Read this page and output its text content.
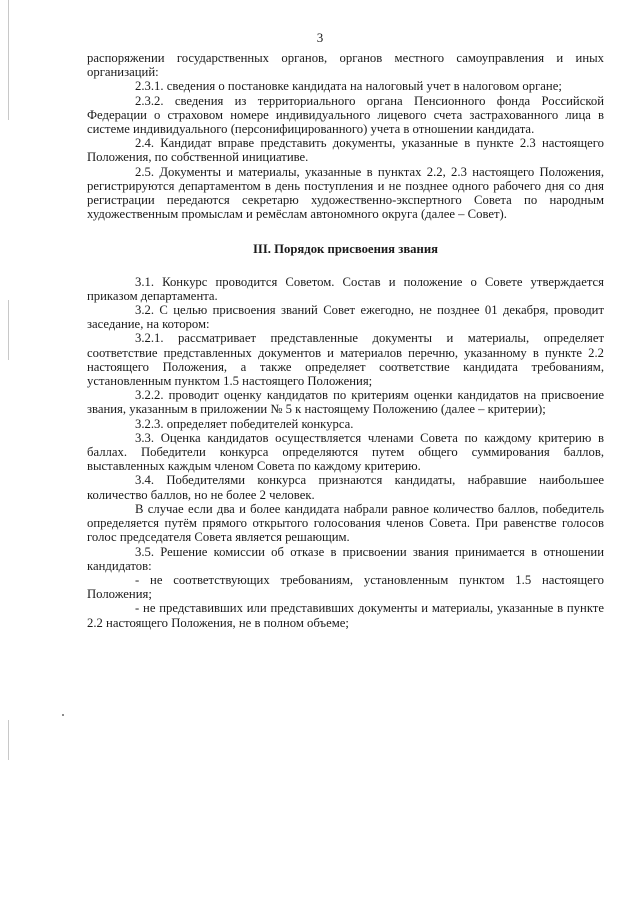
3

распоряжении государственных органов, органов местного самоуправления и иных организаций:

2.3.1. сведения о постановке кандидата на налоговый учет в налоговом органе;

2.3.2. сведения из территориального органа Пенсионного фонда Российской Федерации о страховом номере индивидуального лицевого счета застрахованного лица в системе индивидуального (персонифицированного) учета в отношении кандидата.

2.4. Кандидат вправе представить документы, указанные в пункте 2.3 настоящего Положения, по собственной инициативе.

2.5. Документы и материалы, указанные в пунктах 2.2, 2.3 настоящего Положения, регистрируются департаментом в день поступления и не позднее одного рабочего дня со дня регистрации передаются секретарю художественно-экспертного Совета по народным художественным промыслам и ремёслам автономного округа (далее – Совет).

III. Порядок присвоения звания

3.1. Конкурс проводится Советом. Состав и положение о Совете утверждается приказом департамента.

3.2. С целью присвоения званий Совет ежегодно, не позднее 01 декабря, проводит заседание, на котором:

3.2.1. рассматривает представленные документы и материалы, определяет соответствие представленных документов и материалов перечню, указанному в пункте 2.2 настоящего Положения, а также определяет соответствие кандидата требованиям, установленным пунктом 1.5 настоящего Положения;

3.2.2. проводит оценку кандидатов по критериям оценки кандидатов на присвоение звания, указанным в приложении № 5 к настоящему Положению (далее – критерии);

3.2.3. определяет победителей конкурса.

3.3. Оценка кандидатов осуществляется членами Совета по каждому критерию в баллах. Победители конкурса определяются путем общего суммирования баллов, выставленных каждым членом Совета по каждому критерию.

3.4. Победителями конкурса признаются кандидаты, набравшие наибольшее количество баллов, но не более 2 человек.

В случае если два и более кандидата набрали равное количество баллов, победитель определяется путём прямого открытого голосования членов Совета. При равенстве голосов голос председателя Совета является решающим.

3.5. Решение комиссии об отказе в присвоении звания принимается в отношении кандидатов:

- не соответствующих требованиям, установленным пунктом 1.5 настоящего Положения;

- не представивших или представивших документы и материалы, указанные в пункте 2.2 настоящего Положения, не в полном объеме;
